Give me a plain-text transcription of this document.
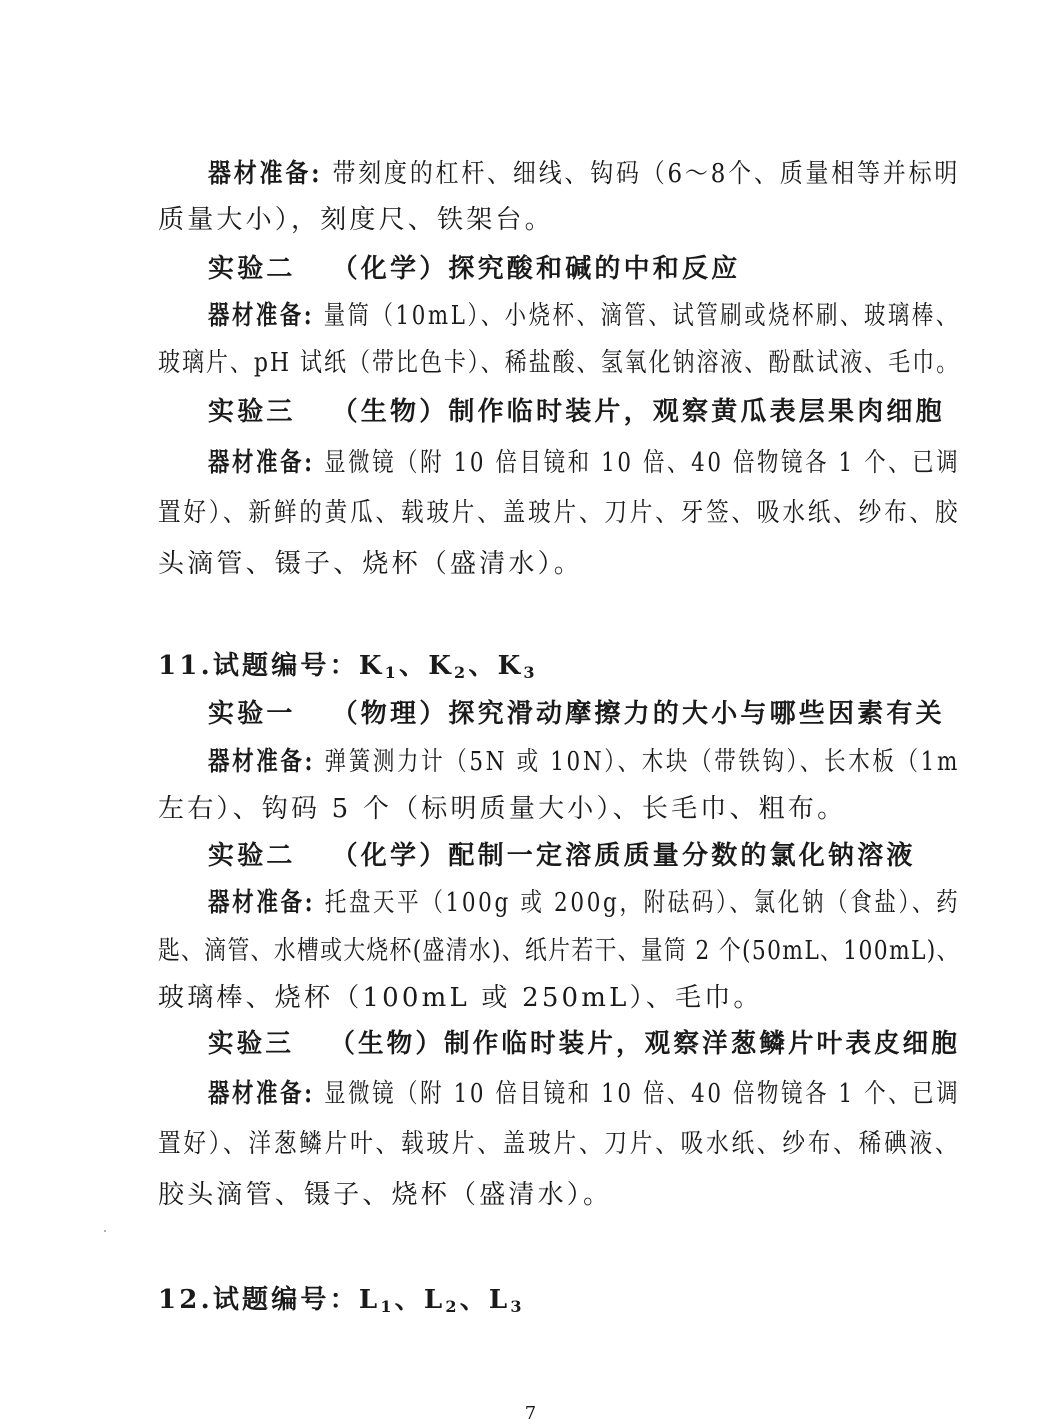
器材准备: 带刻度的杠杆、细线、钩码（6～8个、质量相等并标明
质量大小），刻度尺、铁架台。
实验二 （化学）探究酸和碱的中和反应
器材准备: 量筒（10mL）、小烧杯、滴管、试管刷或烧杯刷、玻璃棒、
玻璃片、pH 试纸（带比色卡）、稀盐酸、氢氧化钠溶液、酚酞试液、毛巾。
实验三 （生物）制作临时装片，观察黄瓜表层果肉细胞
器材准备: 显微镜（附 10 倍目镜和 10 倍、40 倍物镜各 1 个、已调
置好）、新鲜的黄瓜、载玻片、盖玻片、刀片、牙签、吸水纸、纱布、胶
头滴管、镊子、烧杯（盛清水）。
11.试题编号：$K_1$、$K_2$、$K_3$
实验一 （物理）探究滑动摩擦力的大小与哪些因素有关
器材准备: 弹簧测力计（5N 或 10N）、木块（带铁钩）、长木板（1m
左右）、钩码 5 个（标明质量大小）、长毛巾、粗布。
实验二 （化学）配制一定溶质质量分数的氯化钠溶液
器材准备: 托盘天平（100g 或 200g，附砝码）、氯化钠（食盐）、药
匙、滴管、水槽或大烧杯(盛清水)、纸片若干、量筒 2 个(50mL、100mL)、
玻璃棒、烧杯（100mL 或 250mL）、毛巾。
实验三 （生物）制作临时装片，观察洋葱鳞片叶表皮细胞
器材准备: 显微镜（附 10 倍目镜和 10 倍、40 倍物镜各 1 个、已调
置好）、洋葱鳞片叶、载玻片、盖玻片、刀片、吸水纸、纱布、稀碘液、
胶头滴管、镊子、烧杯（盛清水）。
12.试题编号：$L_1$、$L_2$、$L_3$
7
